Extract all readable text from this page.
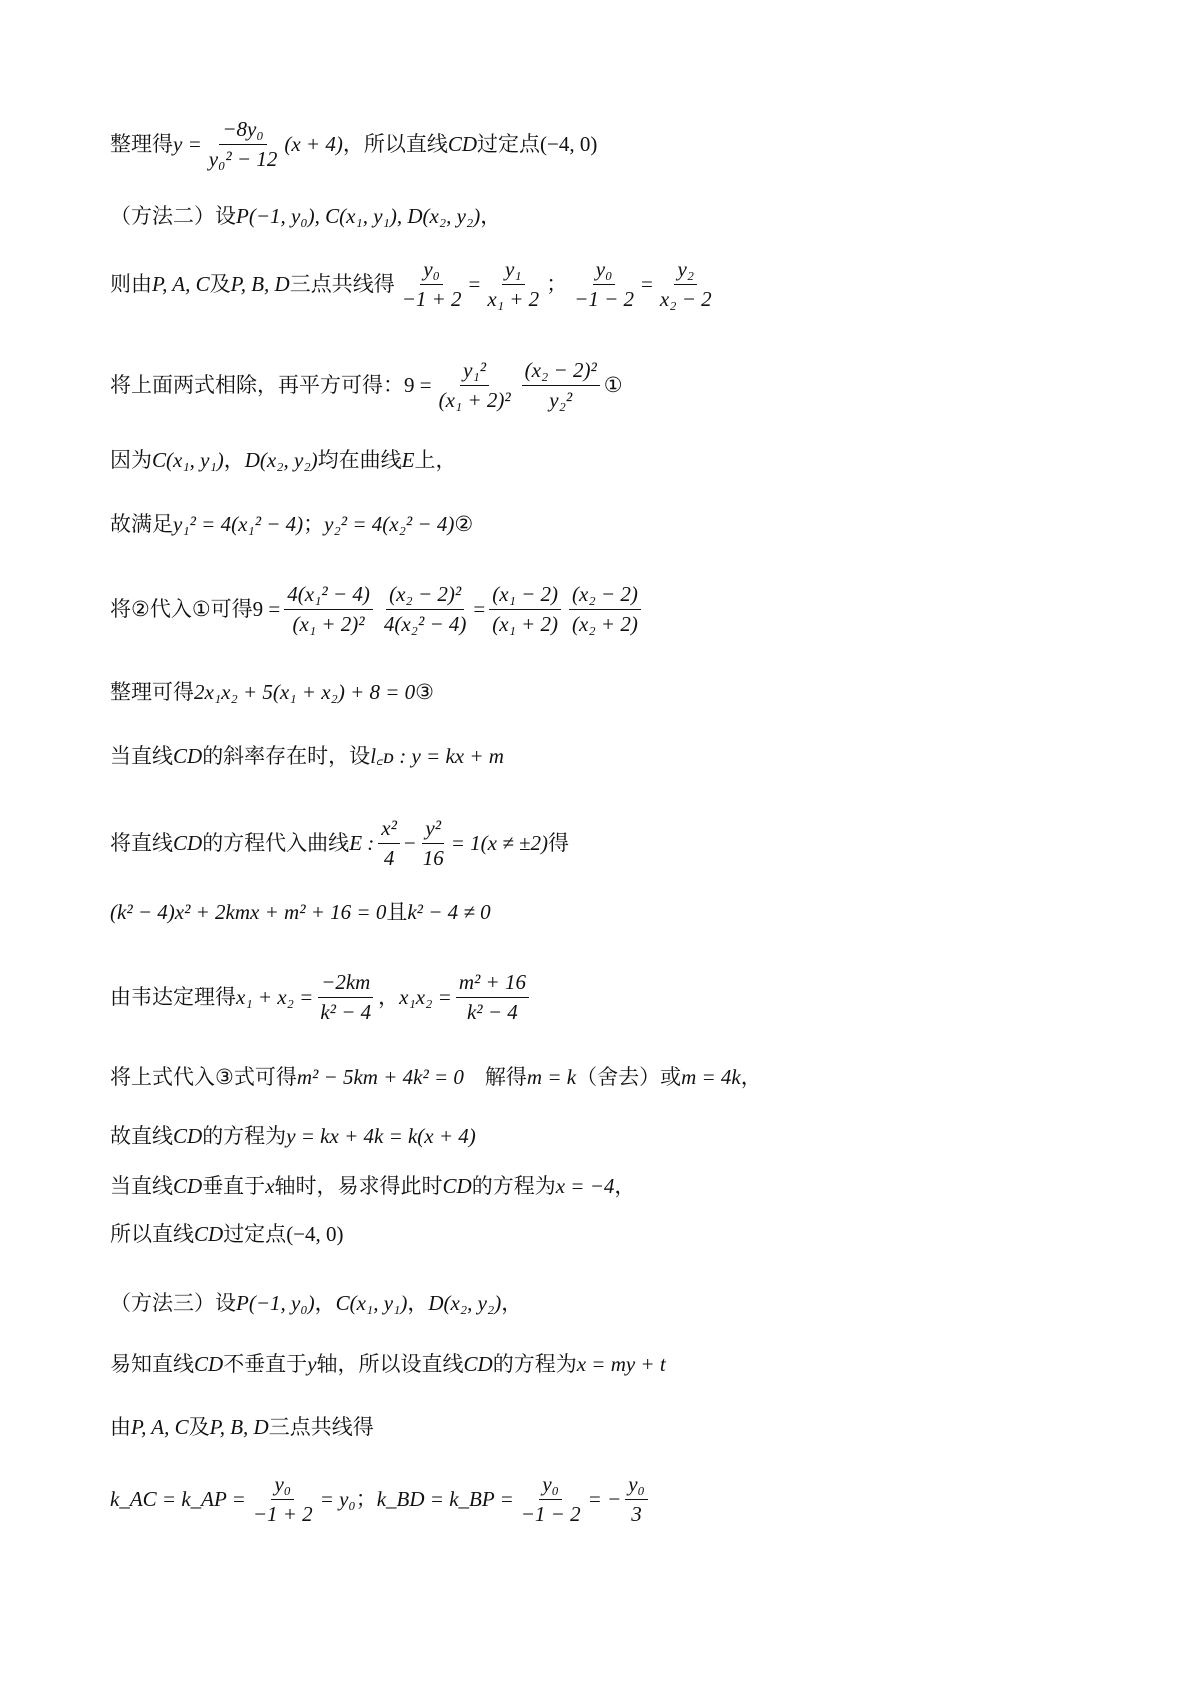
整理得 $y = \frac{\text{−8y₀}}{\text{y₀² − 12}} (x + 4)$ ，所以直线 CD 过定点 (−4, 0)
（方法二）设 P(−1, y₀), C(x₁, y₁), D(x₂, y₂) ，
则由 P, A, C 及 P, B, D 三点共线得 $\frac{\text{y₀}}{-1 + 2} = \frac{\text{y₁}}{\text{x₁ + 2}}$ ； $\frac{\text{y₀}}{-1 - 2} = \frac{\text{y₂}}{\text{x₂ − 2}}$
将上面两式相除，再平方可得： $9 = \frac{\text{y₁²}}{\text{(x₁ + 2)²}} \frac{\text{(x₂ − 2)²}}{\text{y₂²}}$ ①
因为 C(x₁, y₁) ， D(x₂, y₂) 均在曲线 E 上，
故满足 y₁² = 4(x₁² − 4) ； y₂² = 4(x₂² − 4) ②
将②代入①可得 $9 = \frac{\text{4(x₁² − 4)}}{\text{(x₁ + 2)²}} \frac{\text{(x₂ − 2)²}}{\text{4(x₂² − 4)}} = \frac{\text{(x₁ − 2)}}{\text{(x₁ + 2)}} \frac{\text{(x₂ − 2)}}{\text{(x₂ + 2)}}$
整理可得 2x₁x₂ + 5(x₁ + x₂) + 8 = 0 ③
当直线 CD 的斜率存在时，设 l꜀ᴅ : y = kx + m
将直线 CD 的方程代入曲线 E : $\frac{\text{x²}}{4} - \frac{\text{y²}}{16} = 1(x \ne \pm 2)$ 得
(k² − 4)x² + 2kmx + m² + 16 = 0 且 k² − 4 ≠ 0
由韦达定理得 $x_1 + x_2 = \frac{-2km}{\text{k² − 4}}$ ， $x_1x_2 = \frac{\text{m² + 16}}{\text{k² − 4}}$
将上式代入③式可得 m² − 5km + 4k² = 0 　解得 m = k （舍去）或 m = 4k ，
故直线 CD 的方程为 y = kx + 4k = k(x + 4)
当直线 CD 垂直于 x 轴时，易求得此时 CD 的方程为 x = −4 ，
所以直线 CD 过定点 (−4, 0)
（方法三）设 P(−1, y₀) ， C(x₁, y₁) ， D(x₂, y₂) ，
易知直线 CD 不垂直于 y 轴，所以设直线 CD 的方程为 x = my + t
由 P, A, C 及 P, B, D 三点共线得
k_AC = k_AP = $\frac{\text{y₀}}{-1 + 2} = y_0$ ； k_BD = k_BP = $\frac{\text{y₀}}{-1 - 2}$ = − $\frac{\text{y₀}}{3}$
